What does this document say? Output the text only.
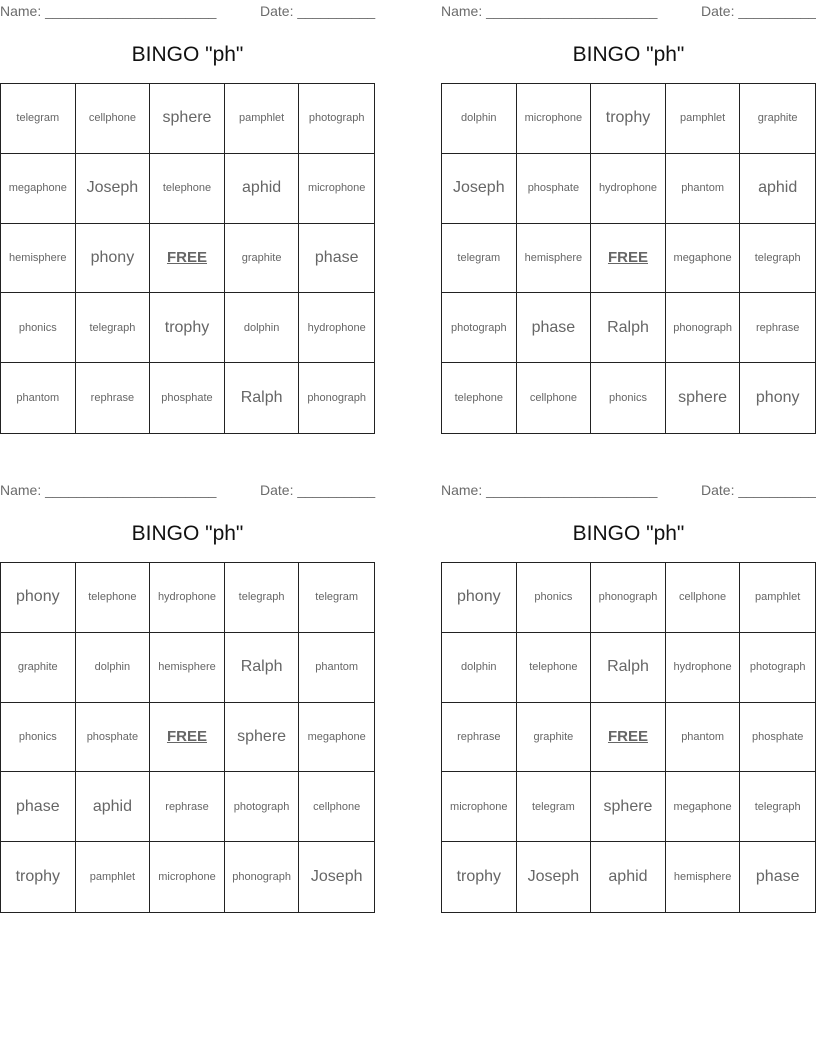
Name: ______________________	Date: __________
BINGO "ph"
telegram	cellphone	sphere	pamphlet	photograph
megaphone	Joseph	telephone	aphid	microphone
hemisphere	phony	FREE	graphite	phase
phonics	telegraph	trophy	dolphin	hydrophone
phantom	rephrase	phosphate	Ralph	phonograph
Name: ______________________	Date: __________
BINGO "ph"
dolphin	microphone	trophy	pamphlet	graphite
Joseph	phosphate	hydrophone	phantom	aphid
telegram	hemisphere	FREE	megaphone	telegraph
photograph	phase	Ralph	phonograph	rephrase
telephone	cellphone	phonics	sphere	phony
Name: ______________________	Date: __________
BINGO "ph"
phony	telephone	hydrophone	telegraph	telegram
graphite	dolphin	hemisphere	Ralph	phantom
phonics	phosphate	FREE	sphere	megaphone
phase	aphid	rephrase	photograph	cellphone
trophy	pamphlet	microphone	phonograph	Joseph
Name: ______________________	Date: __________
BINGO "ph"
phony	phonics	phonograph	cellphone	pamphlet
dolphin	telephone	Ralph	hydrophone	photograph
rephrase	graphite	FREE	phantom	phosphate
microphone	telegram	sphere	megaphone	telegraph
trophy	Joseph	aphid	hemisphere	phase
